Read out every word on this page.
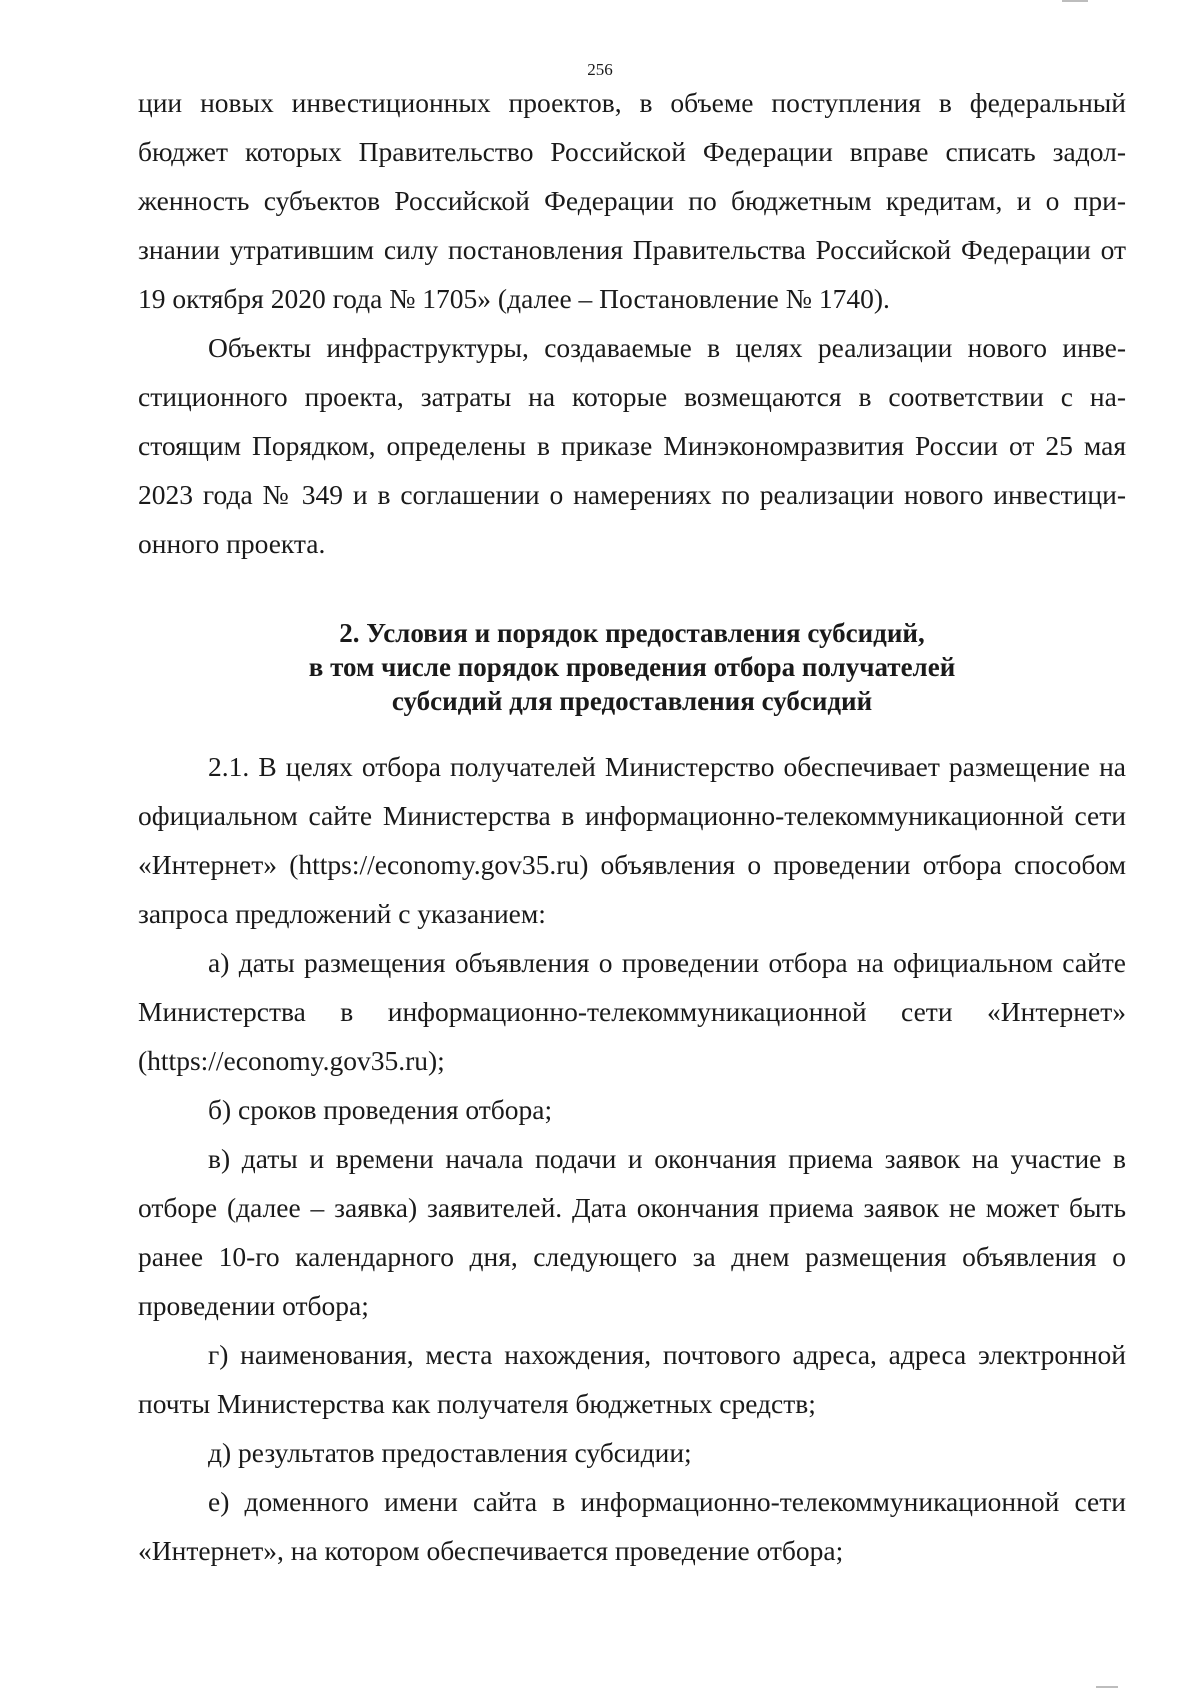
256

ции новых инвестиционных проектов, в объеме поступления в федеральный бюджет которых Правительство Российской Федерации вправе списать задолженность субъектов Российской Федерации по бюджетным кредитам, и о признании утратившим силу постановления Правительства Российской Федерации от 19 октября 2020 года № 1705» (далее – Постановление № 1740).

Объекты инфраструктуры, создаваемые в целях реализации нового инвестиционного проекта, затраты на которые возмещаются в соответствии с настоящим Порядком, определены в приказе Минэкономразвития России от 25 мая 2023 года № 349 и в соглашении о намерениях по реализации нового инвестиционного проекта.

2. Условия и порядок предоставления субсидий,
в том числе порядок проведения отбора получателей
субсидий для предоставления субсидий

2.1. В целях отбора получателей Министерство обеспечивает размещение на официальном сайте Министерства в информационно-телекоммуникационной сети «Интернет» (https://economy.gov35.ru) объявления о проведении отбора способом запроса предложений с указанием:

а) даты размещения объявления о проведении отбора на официальном сайте Министерства в информационно-телекоммуникационной сети «Интернет» (https://economy.gov35.ru);

б) сроков проведения отбора;

в) даты и времени начала подачи и окончания приема заявок на участие в отборе (далее – заявка) заявителей. Дата окончания приема заявок не может быть ранее 10-го календарного дня, следующего за днем размещения объявления о проведении отбора;

г) наименования, места нахождения, почтового адреса, адреса электронной почты Министерства как получателя бюджетных средств;

д) результатов предоставления субсидии;

е) доменного имени сайта в информационно-телекоммуникационной сети «Интернет», на котором обеспечивается проведение отбора;
